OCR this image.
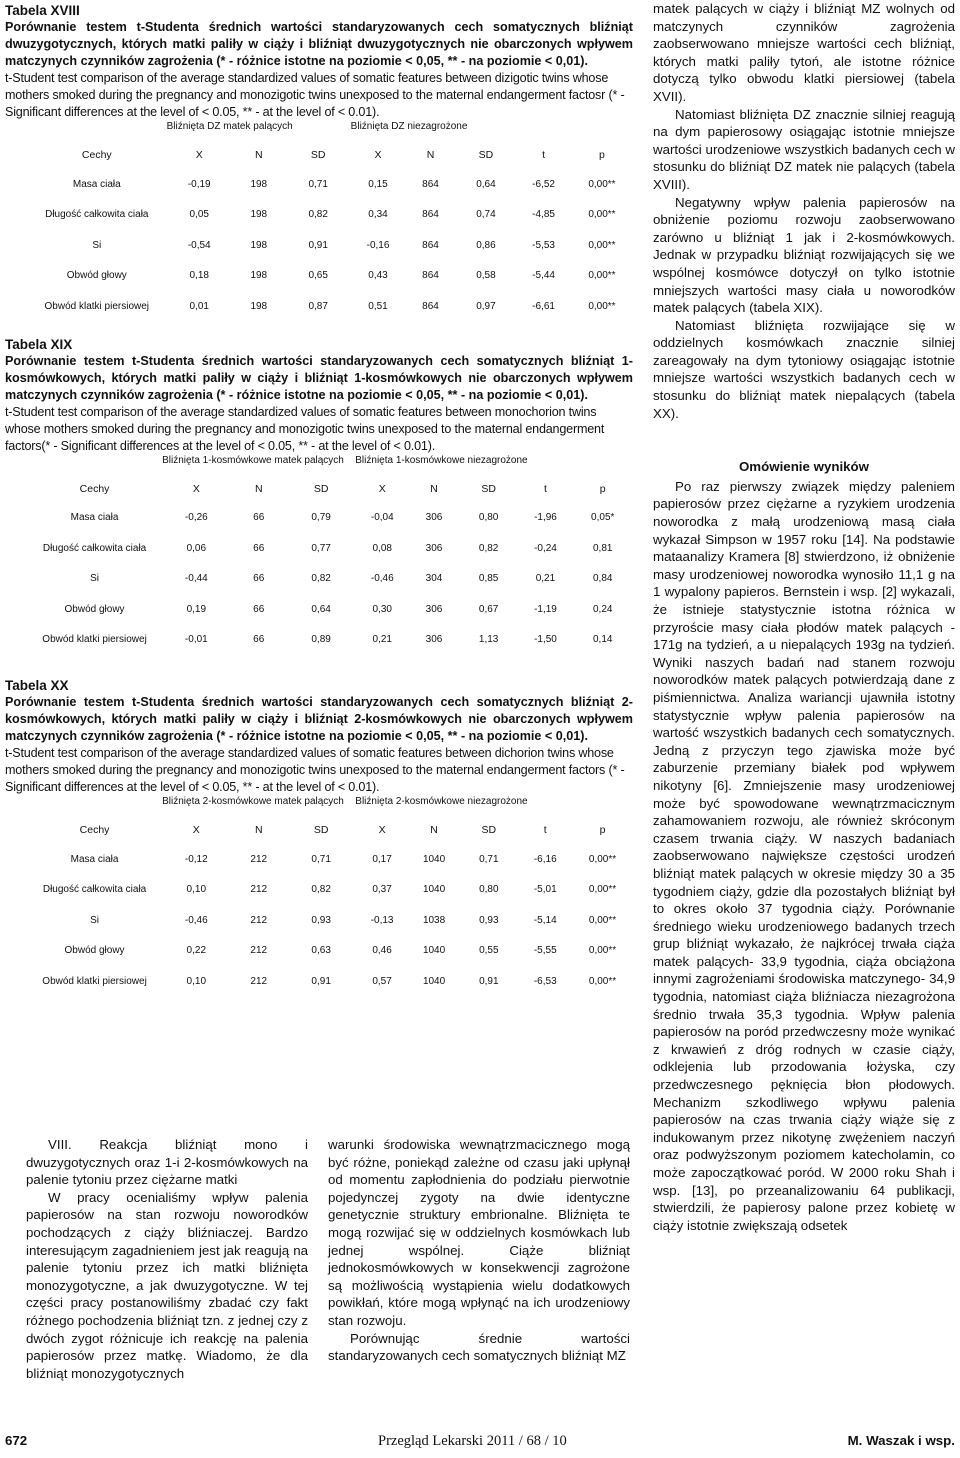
Tabela XVIII

Porównanie testem t-Studenta średnich wartości standaryzowanych cech somatycznych bliźniąt dwuzygotycznych, których matki paliły w ciąży i bliźniąt dwuzygotycznych nie obarczonych wpływem matczynych czynników zagrożenia (* - różnice istotne na poziomie < 0,05, ** - na poziomie < 0,01).

t-Student test comparison of the average standardized values of somatic features between dizigotic twins whose mothers smoked during the pregnancy and monozigotic twins unexposed to the maternal endangerment factosr (* - Significant differences at the level of < 0.05, ** - at the level of < 0.01).

	Bliźnięta DZ matek palących			Bliźnięta DZ niezagrożone				
Cechy	X	N	SD	X	N	SD	t	p
Masa ciała	-0,19	198	0,71	0,15	864	0,64	-6,52	0,00**
Długość całkowita ciała	0,05	198	0,82	0,34	864	0,74	-4,85	0,00**
Si	-0,54	198	0,91	-0,16	864	0,86	-5,53	0,00**
Obwód głowy	0,18	198	0,65	0,43	864	0,58	-5,44	0,00**
Obwód klatki piersiowej	0,01	198	0,87	0,51	864	0,97	-6,61	0,00**

Tabela XIX

Porównanie testem t-Studenta średnich wartości standaryzowanych cech somatycznych bliźniąt 1-kosmówkowych, których matki paliły w ciąży i bliźniąt 1-kosmówkowych nie obarczonych wpływem matczynych czynników zagrożenia (* - różnice istotne na poziomie < 0,05, ** - na poziomie < 0,01).

t-Student test comparison of the average standardized values of somatic features between monochorion twins whose mothers smoked during the pregnancy and monozigotic twins unexposed to the maternal endangerment factors(* - Significant differences at the level of < 0.05, ** - at the level of < 0.01).

	Bliźnięta 1-kosmówkowe matek palących			Bliźnięta 1-kosmówkowe niezagrożone				
Cechy	X	N	SD	X	N	SD	t	p
Masa ciała	-0,26	66	0,79	-0,04	306	0,80	-1,96	0,05*
Długość całkowita ciała	0,06	66	0,77	0,08	306	0,82	-0,24	0,81
Si	-0,44	66	0,82	-0,46	304	0,85	0,21	0,84
Obwód głowy	0,19	66	0,64	0,30	306	0,67	-1,19	0,24
Obwód klatki piersiowej	-0,01	66	0,89	0,21	306	1,13	-1,50	0,14

Tabela XX

Porównanie testem t-Studenta średnich wartości standaryzowanych cech somatycznych bliźniąt 2-kosmówkowych, których matki paliły w ciąży i bliźniąt 2-kosmówkowych nie obarczonych wpływem matczynych czynników zagrożenia (* - różnice istotne na poziomie < 0,05, ** - na poziomie < 0,01).

t-Student test comparison of the average standardized values of somatic features between dichorion twins whose mothers smoked during the pregnancy and monozigotic twins unexposed to the maternal endangerment factors (* - Significant differences at the level of < 0.05, ** - at the level of < 0.01).

	Bliźnięta 2-kosmówkowe matek palących			Bliźnięta 2-kosmówkowe niezagrożone				
Cechy	X	N	SD	X	N	SD	t	p
Masa ciała	-0,12	212	0,71	0,17	1040	0,71	-6,16	0,00**
Długość całkowita ciała	0,10	212	0,82	0,37	1040	0,80	-5,01	0,00**
Si	-0,46	212	0,93	-0,13	1038	0,93	-5,14	0,00**
Obwód głowy	0,22	212	0,63	0,46	1040	0,55	-5,55	0,00**
Obwód klatki piersiowej	0,10	212	0,91	0,57	1040	0,91	-6,53	0,00**

VIII. Reakcja bliźniąt mono i dwuzygotycznych oraz 1-i 2-kosmówkowych na palenie tytoniu przez ciężarne matki

W pracy ocenialiśmy wpływ palenia papierosów na stan rozwoju noworodków pochodzących z ciąży bliźniaczej. Bardzo interesującym zagadnieniem jest jak reagują na palenie tytoniu przez ich matki bliźnięta monozygotyczne, a jak dwuzygotyczne. W tej części pracy postanowiliśmy zbadać czy fakt różnego pochodzenia bliźniąt tzn. z jednej czy z dwóch zygot różnicuje ich reakcję na palenia papierosów przez matkę. Wiadomo, że dla bliźniąt monozygotycznych

warunki środowiska wewnątrzmacicznego mogą być różne, poniekąd zależne od czasu jaki upłynął od momentu zapłodnienia do podziału pierwotnie pojedynczej zygoty na dwie identyczne genetycznie struktury embrionalne. Bliźnięta te mogą rozwijać się w oddzielnych kosmówkach lub jednej wspólnej. Ciąże bliźniąt jednokosmówkowych w konsekwencji zagrożone są możliwością wystąpienia wielu dodatkowych powikłań, które mogą wpłynąć na ich urodzeniowy stan rozwoju.

Porównując średnie wartości standaryzowanych cech somatycznych bliźniąt MZ

matek palących w ciąży i bliźniąt MZ wolnych od matczynych czynników zagrożenia zaobserwowano mniejsze wartości cech bliźniąt, których matki paliły tytoń, ale istotne różnice dotyczą tylko obwodu klatki piersiowej (tabela XVII).

Natomiast bliźnięta DZ znacznie silniej reagują na dym papierosowy osiągając istotnie mniejsze wartości urodzeniowe wszystkich badanych cech w stosunku do bliźniąt DZ matek nie palących (tabela XVIII).

Negatywny wpływ palenia papierosów na obniżenie poziomu rozwoju zaobserwowano zarówno u bliźniąt 1 jak i 2-kosmówkowych. Jednak w przypadku bliźniąt rozwijających się we wspólnej kosmówce dotyczył on tylko istotnie mniejszych wartości masy ciała u noworodków matek palących (tabela XIX).

Natomiast bliźnięta rozwijające się w oddzielnych kosmówkach znacznie silniej zareagowały na dym tytoniowy osiągając istotnie mniejsze wartości wszystkich badanych cech w stosunku do bliźniąt matek niepalących (tabela XX).

Omówienie wyników

Po raz pierwszy związek między paleniem papierosów przez ciężarne a ryzykiem urodzenia noworodka z małą urodzeniową masą ciała wykazał Simpson w 1957 roku [14]. Na podstawie mataanalizy Kramera [8] stwierdzono, iż obniżenie masy urodzeniowej noworodka wynosiło 11,1 g na 1 wypalony papieros. Bernstein i wsp. [2] wykazali, że istnieje statystycznie istotna różnica w przyroście masy ciała płodów matek palących - 171g na tydzień, a u niepalących 193g na tydzień. Wyniki naszych badań nad stanem rozwoju noworodków matek palących potwierdzają dane z piśmiennictwa. Analiza wariancji ujawniła istotny statystycznie wpływ palenia papierosów na wartość wszystkich badanych cech somatycznych. Jedną z przyczyn tego zjawiska może być zaburzenie przemiany białek pod wpływem nikotyny [6]. Zmniejszenie masy urodzeniowej może być spowodowane wewnątrzmacicznym zahamowaniem rozwoju, ale również skróconym czasem trwania ciąży. W naszych badaniach zaobserwowano największe częstości urodzeń bliźniąt matek palących w okresie między 30 a 35 tygodniem ciąży, gdzie dla pozostałych bliźniąt był to okres około 37 tygodnia ciąży. Porównanie średniego wieku urodzeniowego badanych trzech grup bliźniąt wykazało, że najkrócej trwała ciąża matek palących- 33,9 tygodnia, ciąża obciążona innymi zagrożeniami środowiska matczynego- 34,9 tygodnia, natomiast ciąża bliźniacza niezagrożona średnio trwała 35,3 tygodnia. Wpływ palenia papierosów na poród przedwczesny może wynikać z krwawień z dróg rodnych w czasie ciąży, odklejenia lub przodowania łożyska, czy przedwczesnego pęknięcia błon płodowych. Mechanizm szkodliwego wpływu palenia papierosów na czas trwania ciąży wiąże się z indukowanym przez nikotynę zwężeniem naczyń oraz podwyższonym poziomem katecholamin, co może zapoczątkować poród. W 2000 roku Shah i wsp. [13], po przeanalizowaniu 64 publikacji, stwierdzili, że papierosy palone przez kobietę w ciąży istotnie zwiększają odsetek

672	Przegląd Lekarski 2011 / 68 / 10	M. Waszak i wsp.
